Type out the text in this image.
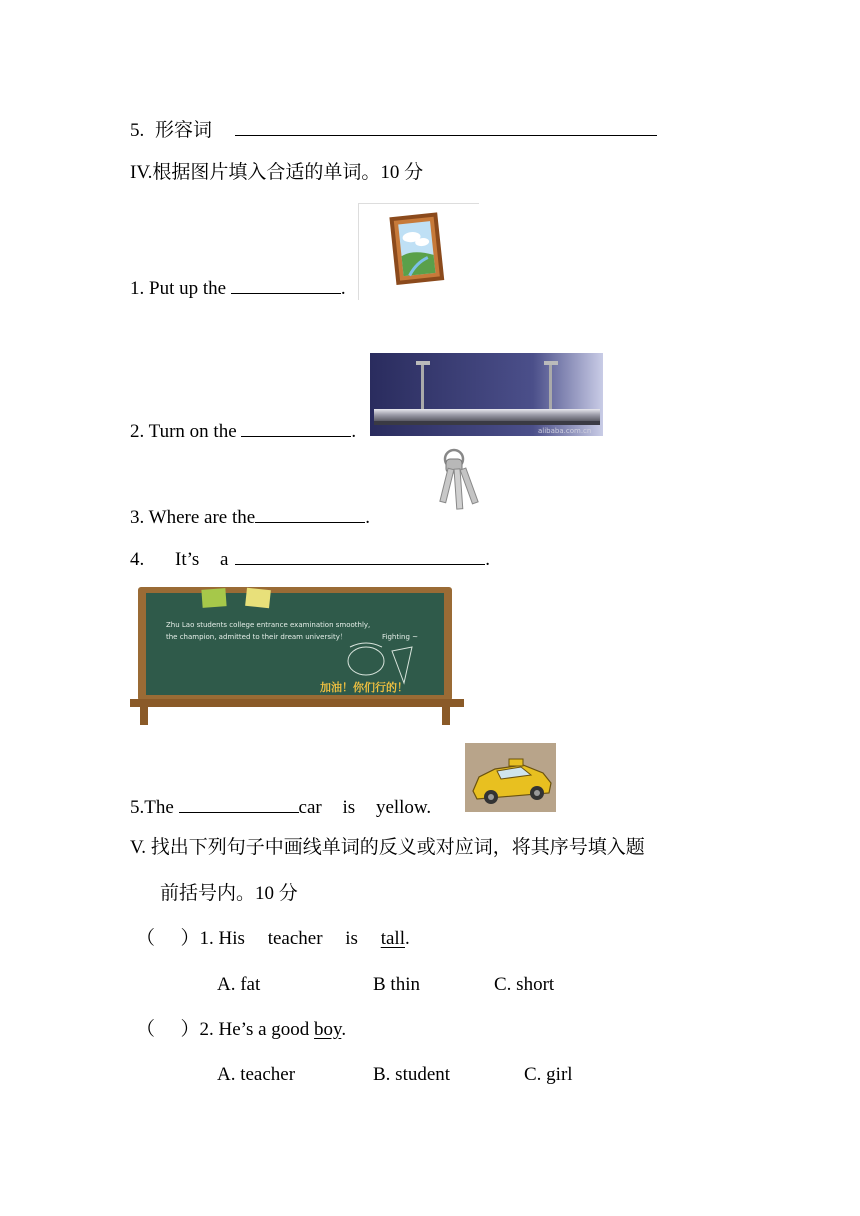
5. 形容词
IV.根据图片填入合适的单词。10 分
1. Put up the	.
2. Turn on the	.	alibaba.com.cn
3. Where are the	.
4. It’s a	.
Zhu Lao students college entrance examination smoothly,
the champion, admitted to their dream university！	Fighting ~
加油！你们行的！
5.The	car is yellow.
V. 找出下列句子中画线单词的反义或对应词，将其序号填入题
前括号内。10 分
（ ）1. His teacher is tall.
A. fat	B thin	C. short
（ ）2. He’s a good boy.
A. teacher	B. student	C. girl
